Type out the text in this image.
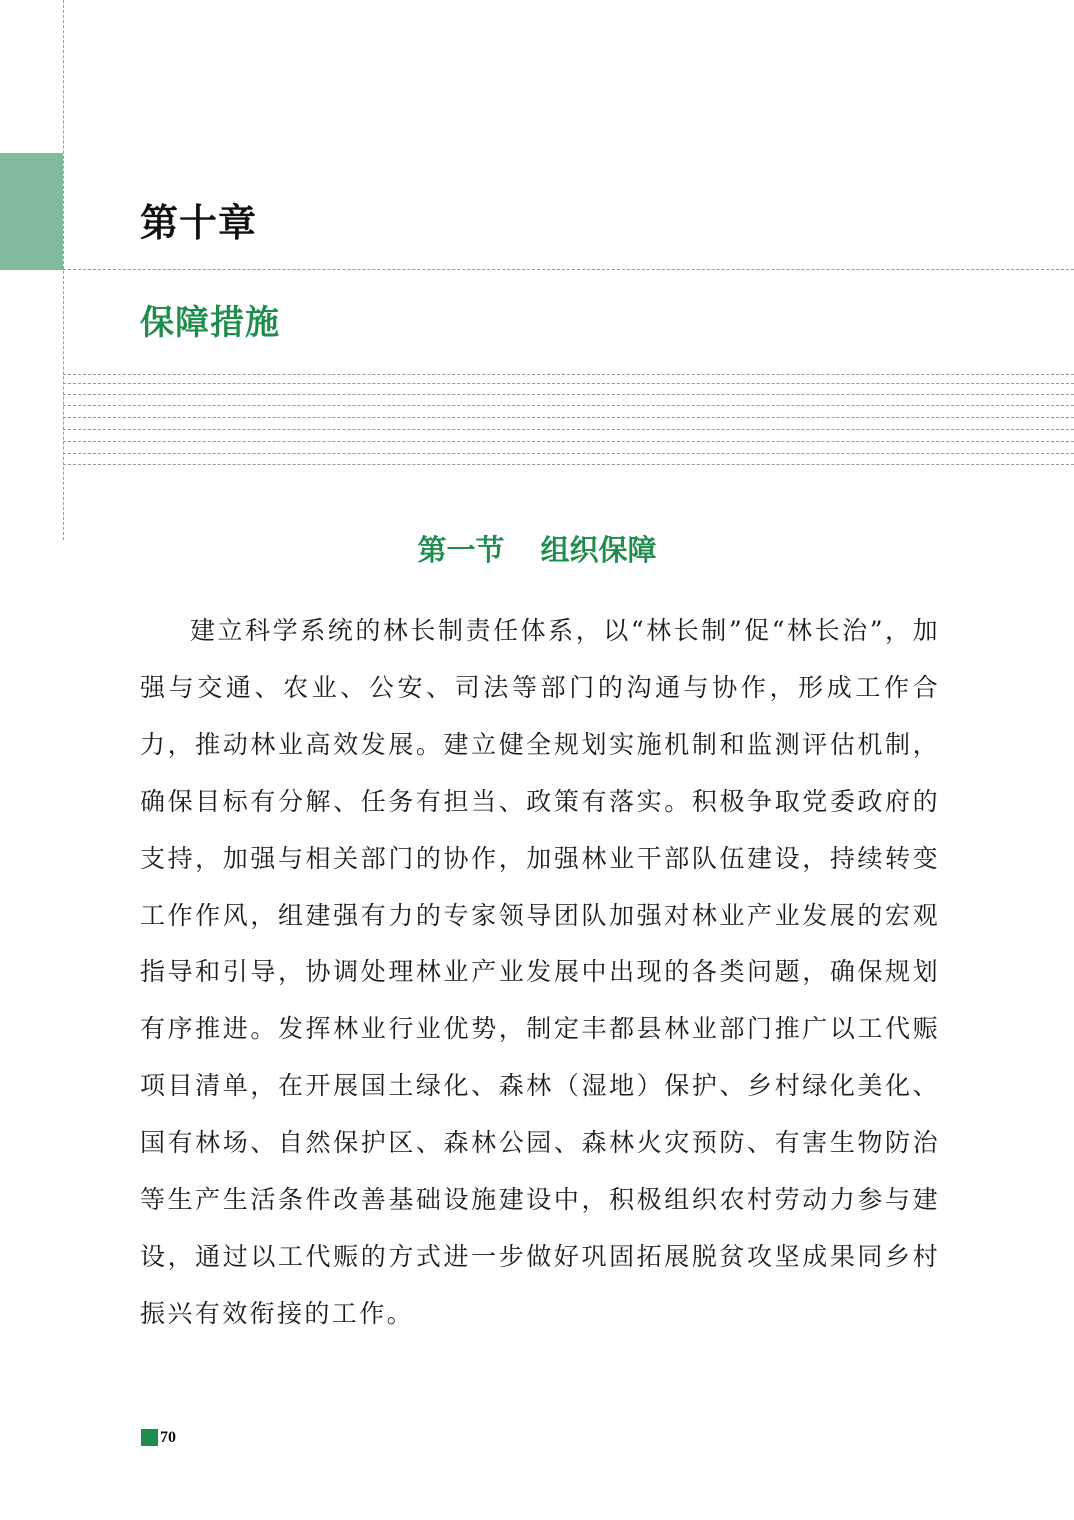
第十章
保障措施
第一节 组织保障

建立科学系统的林长制责任体系，以“林长制”促“林长治”，加强与交通、农业、公安、司法等部门的沟通与协作，形成工作合力，推动林业高效发展。建立健全规划实施机制和监测评估机制，确保目标有分解、任务有担当、政策有落实。积极争取党委政府的支持，加强与相关部门的协作，加强林业干部队伍建设，持续转变工作作风，组建强有力的专家领导团队加强对林业产业发展的宏观指导和引导，协调处理林业产业发展中出现的各类问题，确保规划有序推进。发挥林业行业优势，制定丰都县林业部门推广以工代赈项目清单，在开展国土绿化、森林（湿地）保护、乡村绿化美化、国有林场、自然保护区、森林公园、森林火灾预防、有害生物防治等生产生活条件改善基础设施建设中，积极组织农村劳动力参与建设，通过以工代赈的方式进一步做好巩固拓展脱贫攻坚成果同乡村振兴有效衔接的工作。

70
